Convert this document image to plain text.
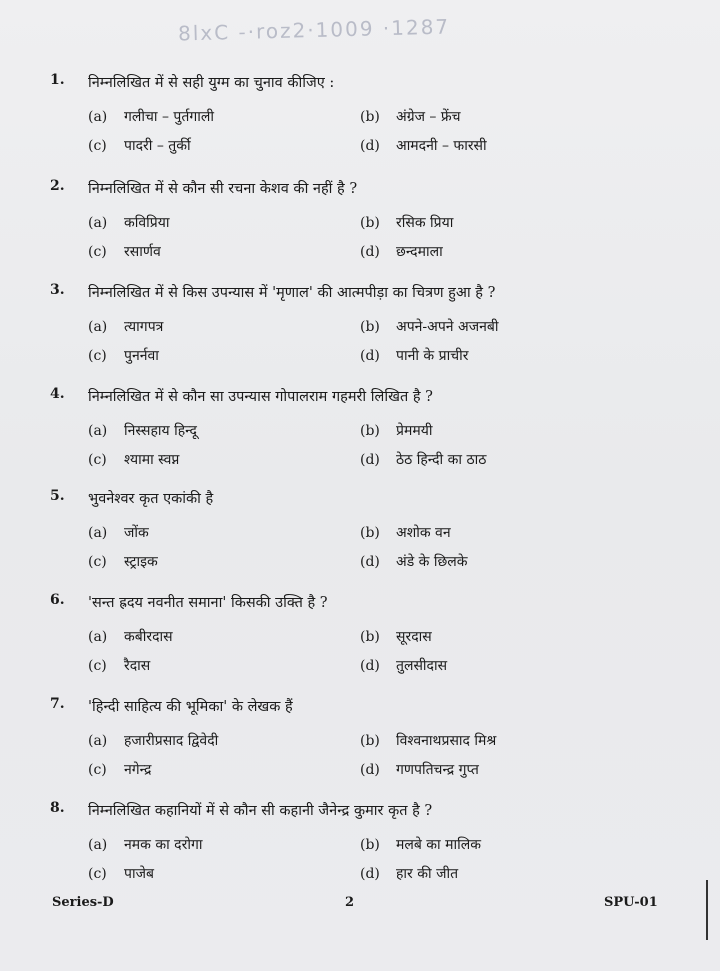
8lxC -·roz2·1009 ·1287
1. निम्नलिखित में से सही युग्म का चुनाव कीजिए :
(a) गलीचा – पुर्तगाली	(b) अंग्रेज – फ्रेंच
(c) पादरी – तुर्की	(d) आमदनी – फारसी
2. निम्नलिखित में से कौन सी रचना केशव की नहीं है ?
(a) कविप्रिया	(b) रसिक प्रिया
(c) रसार्णव	(d) छन्दमाला
3. निम्नलिखित में से किस उपन्यास में 'मृणाल' की आत्मपीड़ा का चित्रण हुआ है ?
(a) त्यागपत्र	(b) अपने-अपने अजनबी
(c) पुनर्नवा	(d) पानी के प्राचीर
4. निम्नलिखित में से कौन सा उपन्यास गोपालराम गहमरी लिखित है ?
(a) निस्सहाय हिन्दू	(b) प्रेममयी
(c) श्यामा स्वप्न	(d) ठेठ हिन्दी का ठाठ
5. भुवनेश्वर कृत एकांकी है
(a) जोंक	(b) अशोक वन
(c) स्ट्राइक	(d) अंडे के छिलके
6. 'सन्त ह्रदय नवनीत समाना' किसकी उक्ति है ?
(a) कबीरदास	(b) सूरदास
(c) रैदास	(d) तुलसीदास
7. 'हिन्दी साहित्य की भूमिका' के लेखक हैं
(a) हजारीप्रसाद द्विवेदी	(b) विश्वनाथप्रसाद मिश्र
(c) नगेन्द्र	(d) गणपतिचन्द्र गुप्त
8. निम्नलिखित कहानियों में से कौन सी कहानी जैनेन्द्र कुमार कृत है ?
(a) नमक का दरोगा	(b) मलबे का मालिक
(c) पाजेब	(d) हार की जीत
Series-D	2	SPU-01
